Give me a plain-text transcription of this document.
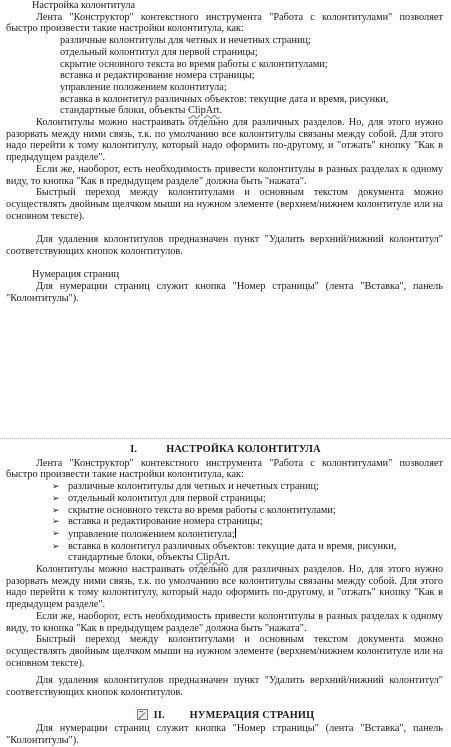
Настройка колонтитула

Лента "Конструктор" контекстного инструмента "Работа с колонтитулами" позволяет быстро произвести такие настройки колонтитула, как:

различные колонтитулы для четных и нечетных страниц;
отдельный колонтитул для первой страницы;
скрытие основного текста во время работы с колонтитулами;
вставка и редактирование номера страницы;
управление положением колонтитула;
вставка в колонтитул различных объектов: текущие дата и время, рисунки, стандартные блоки, объекты ClipArt.

Колонтитулы можно настраивать отдельно для различных разделов. Но, для этого нужно разорвать между ними связь, т.к. по умолчанию все колонтитулы связаны между собой. Для этого надо перейти к тому колонтитулу, который надо оформить по-другому, и "отжать" кнопку "Как в предыдущем разделе".

Если же, наоборот, есть необходимость привести колонтитулы в разных разделах к одному виду, то кнопка "Как в предыдущем разделе" должна быть "нажата".

Быстрый переход между колонтитулами и основным текстом документа можно осуществлять двойным щелчком мыши на нужном элементе (верхнем/нижнем колонтитуле или на основном тексте).

Для удаления колонтитулов предназначен пункт "Удалить верхний/нижний колонтитул" соответствующих кнопок колонтитулов.

Нумерация страниц

Для нумерации страниц служит кнопка "Номер страницы" (лента "Вставка", панель "Колонтитулы").

I.	НАСТРОЙКА КОЛОНТИТУЛА

Лента "Конструктор" контекстного инструмента "Работа с колонтитулами" позволяет быстро произвести такие настройки колонтитула, как:

➢ различные колонтитулы для четных и нечетных страниц;
➢ отдельный колонтитул для первой страницы;
➢ скрытие основного текста во время работы с колонтитулами;
➢ вставка и редактирование номера страницы;
➢ управление положением колонтитула;
➢ вставка в колонтитул различных объектов: текущие дата и время, рисунки, стандартные блоки, объекты ClipArt.

Колонтитулы можно настраивать отдельно для различных разделов. Но, для этого нужно разорвать между ними связь, т.к. по умолчанию все колонтитулы связаны между собой. Для этого надо перейти к тому колонтитулу, который надо оформить по-другому, и "отжать" кнопку "Как в предыдущем разделе".

Если же, наоборот, есть необходимость привести колонтитулы в разных разделах к одному виду, то кнопка "Как в предыдущем разделе" должна быть "нажата".

Быстрый переход между колонтитулами и основным текстом документа можно осуществлять двойным щелчком мыши на нужном элементе (верхнем/нижнем колонтитуле или на основном тексте).

Для удаления колонтитулов предназначен пункт "Удалить верхний/нижний колонтитул" соответствующих кнопок колонтитулов.

II. НУМЕРАЦИЯ СТРАНИЦ

Для нумерации страниц служит кнопка "Номер страницы" (лента "Вставка", панель "Колонтитулы").
